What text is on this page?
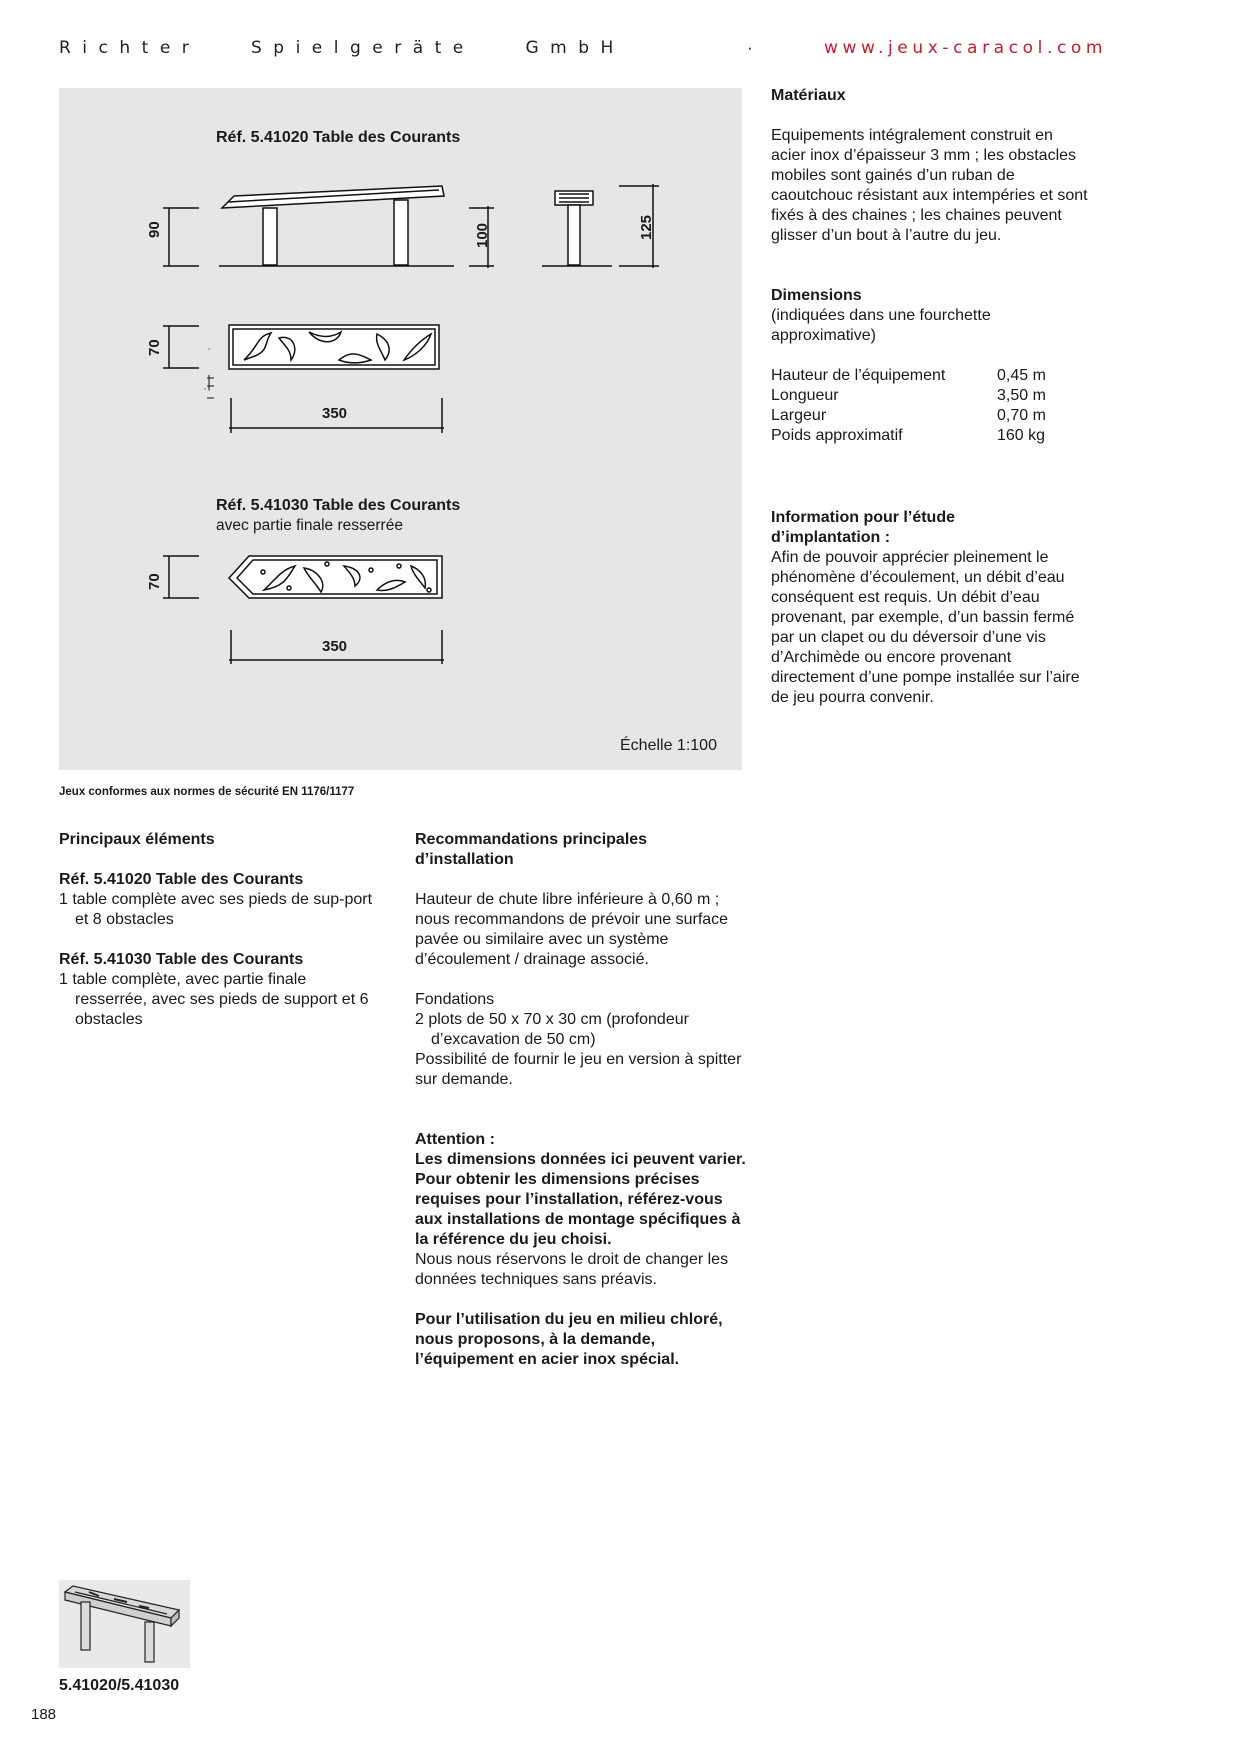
Richter   Spielgeräte   GmbH	·	www.jeux-caracol.com
Réf. 5.41020 Table des Courants
Réf. 5.41030 Table des Courants
avec partie finale resserrée
90	100	125
70
350
70
350
Échelle 1:100
Jeux conformes aux normes de sécurité EN 1176/1177

Matériaux

Equipements intégralement construit en acier inox d’épaisseur 3 mm ; les obstacles mobiles sont gainés d’un ruban de caoutchouc résistant aux intempéries et sont fixés à des chaines ; les chaines peuvent glisser d’un bout à l’autre du jeu.

Dimensions

(indiquées dans une fourchette approximative)

Hauteur de l’équipement	0,45 m
Longueur	3,50 m
Largeur	0,70 m
Poids approximatif	160 kg

Information pour l’étude d’implantation :

Afin de pouvoir apprécier pleinement le phénomène d’écoulement, un débit d’eau conséquent est requis. Un débit d’eau provenant, par exemple, d’un bassin fermé par un clapet ou du déversoir d’une vis d’Archimède ou encore provenant directement d’une pompe installée sur l’aire de jeu pourra convenir.

Principaux éléments

Réf. 5.41020 Table des Courants

1 table complète avec ses pieds de sup-port et 8 obstacles

Réf. 5.41030 Table des Courants

1 table complète, avec partie finale resserrée, avec ses pieds de support et 6 obstacles

Recommandations principales d’installation

Hauteur de chute libre inférieure à 0,60 m ; nous recommandons de prévoir une surface pavée ou similaire avec un système d’écoulement / drainage associé.

Fondations

2 plots de 50 x 70 x 30 cm (profondeur d’excavation de 50 cm)

Possibilité de fournir le jeu en version à spitter sur demande.

Attention :

Les dimensions données ici peuvent varier. Pour obtenir les dimensions précises requises pour l’installation, référez-vous aux installations de montage spécifiques à la référence du jeu choisi.

Nous nous réservons le droit de changer les données techniques sans préavis.

Pour l’utilisation du jeu en milieu chloré, nous proposons, à la demande, l’équipement en acier inox spécial.

5.41020/5.41030
188
